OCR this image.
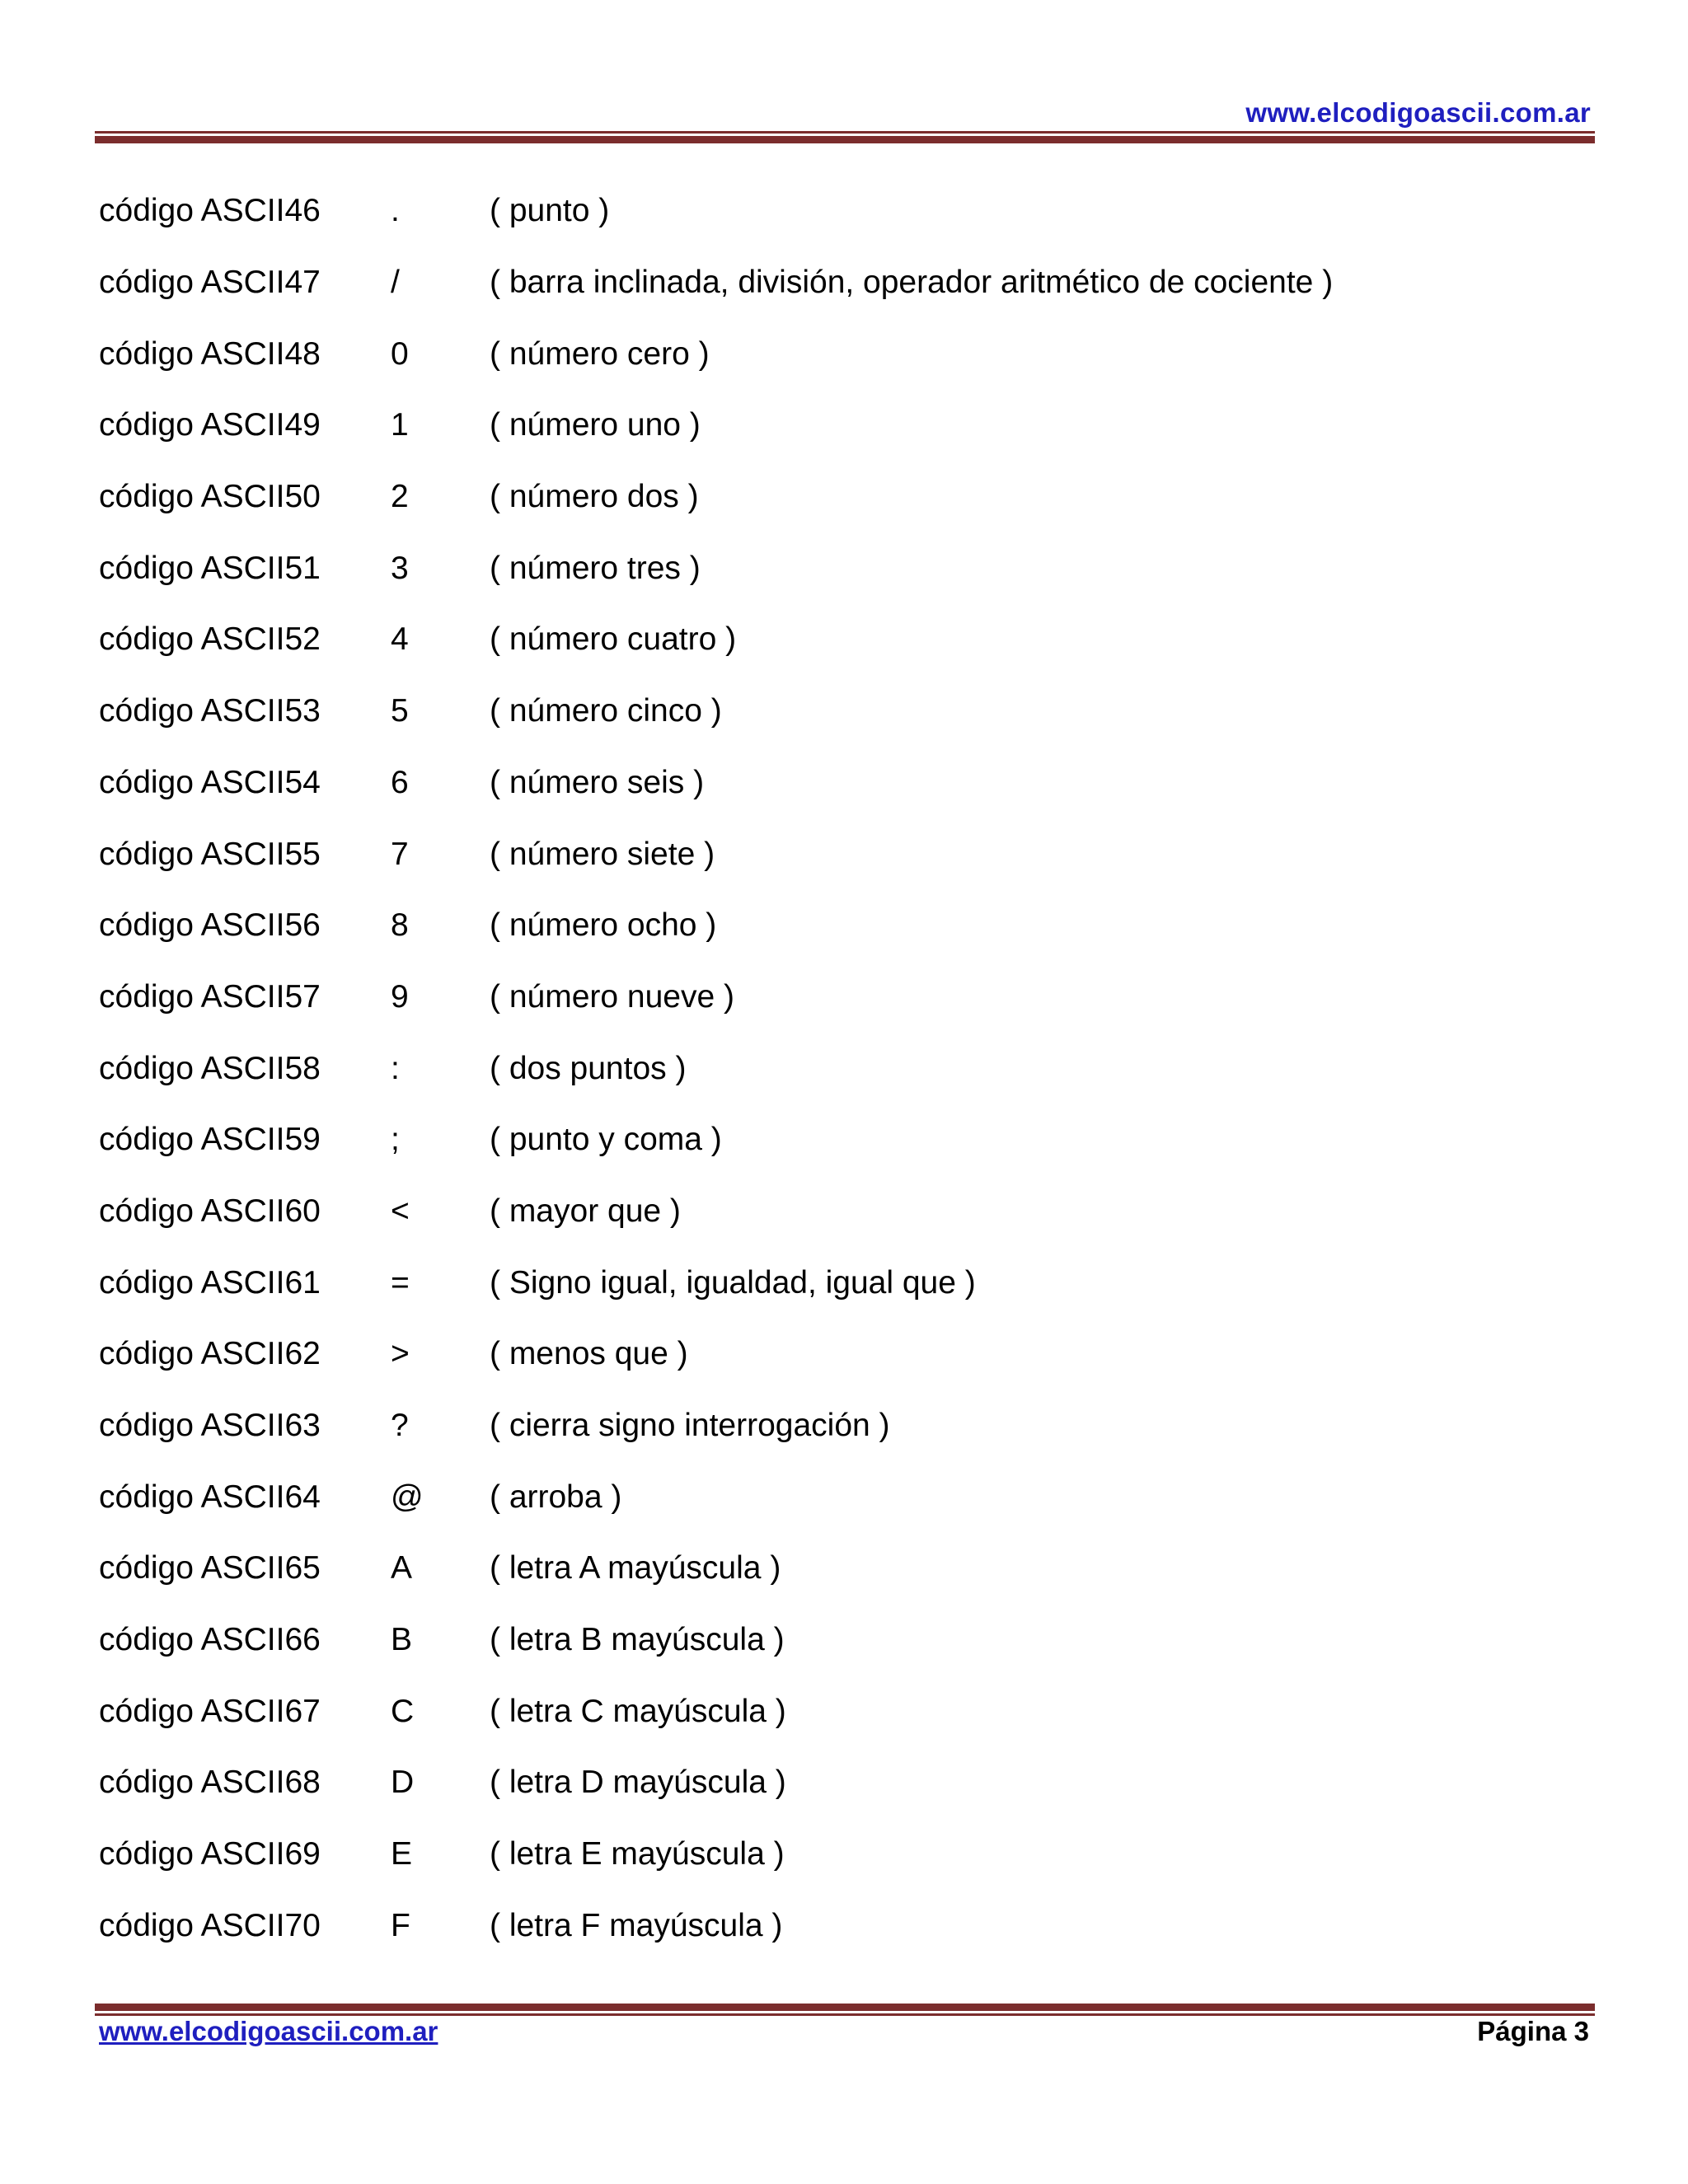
www.elcodigoascii.com.ar
código ASCII46	.	( punto )
código ASCII47	/	( barra inclinada, división, operador aritmético de cociente )
código ASCII48	0	( número cero )
código ASCII49	1	( número uno )
código ASCII50	2	( número dos )
código ASCII51	3	( número tres )
código ASCII52	4	( número cuatro )
código ASCII53	5	( número cinco )
código ASCII54	6	( número seis )
código ASCII55	7	( número siete )
código ASCII56	8	( número ocho )
código ASCII57	9	( número nueve )
código ASCII58	:	( dos puntos )
código ASCII59	;	( punto y coma )
código ASCII60	<	( mayor que )
código ASCII61	=	( Signo igual, igualdad, igual que )
código ASCII62	>	( menos que )
código ASCII63	?	( cierra signo interrogación )
código ASCII64	@	( arroba )
código ASCII65	A	( letra A mayúscula )
código ASCII66	B	( letra B mayúscula )
código ASCII67	C	( letra C mayúscula )
código ASCII68	D	( letra D mayúscula )
código ASCII69	E	( letra E mayúscula )
código ASCII70	F	( letra F mayúscula )
www.elcodigoascii.com.ar	Página 3
